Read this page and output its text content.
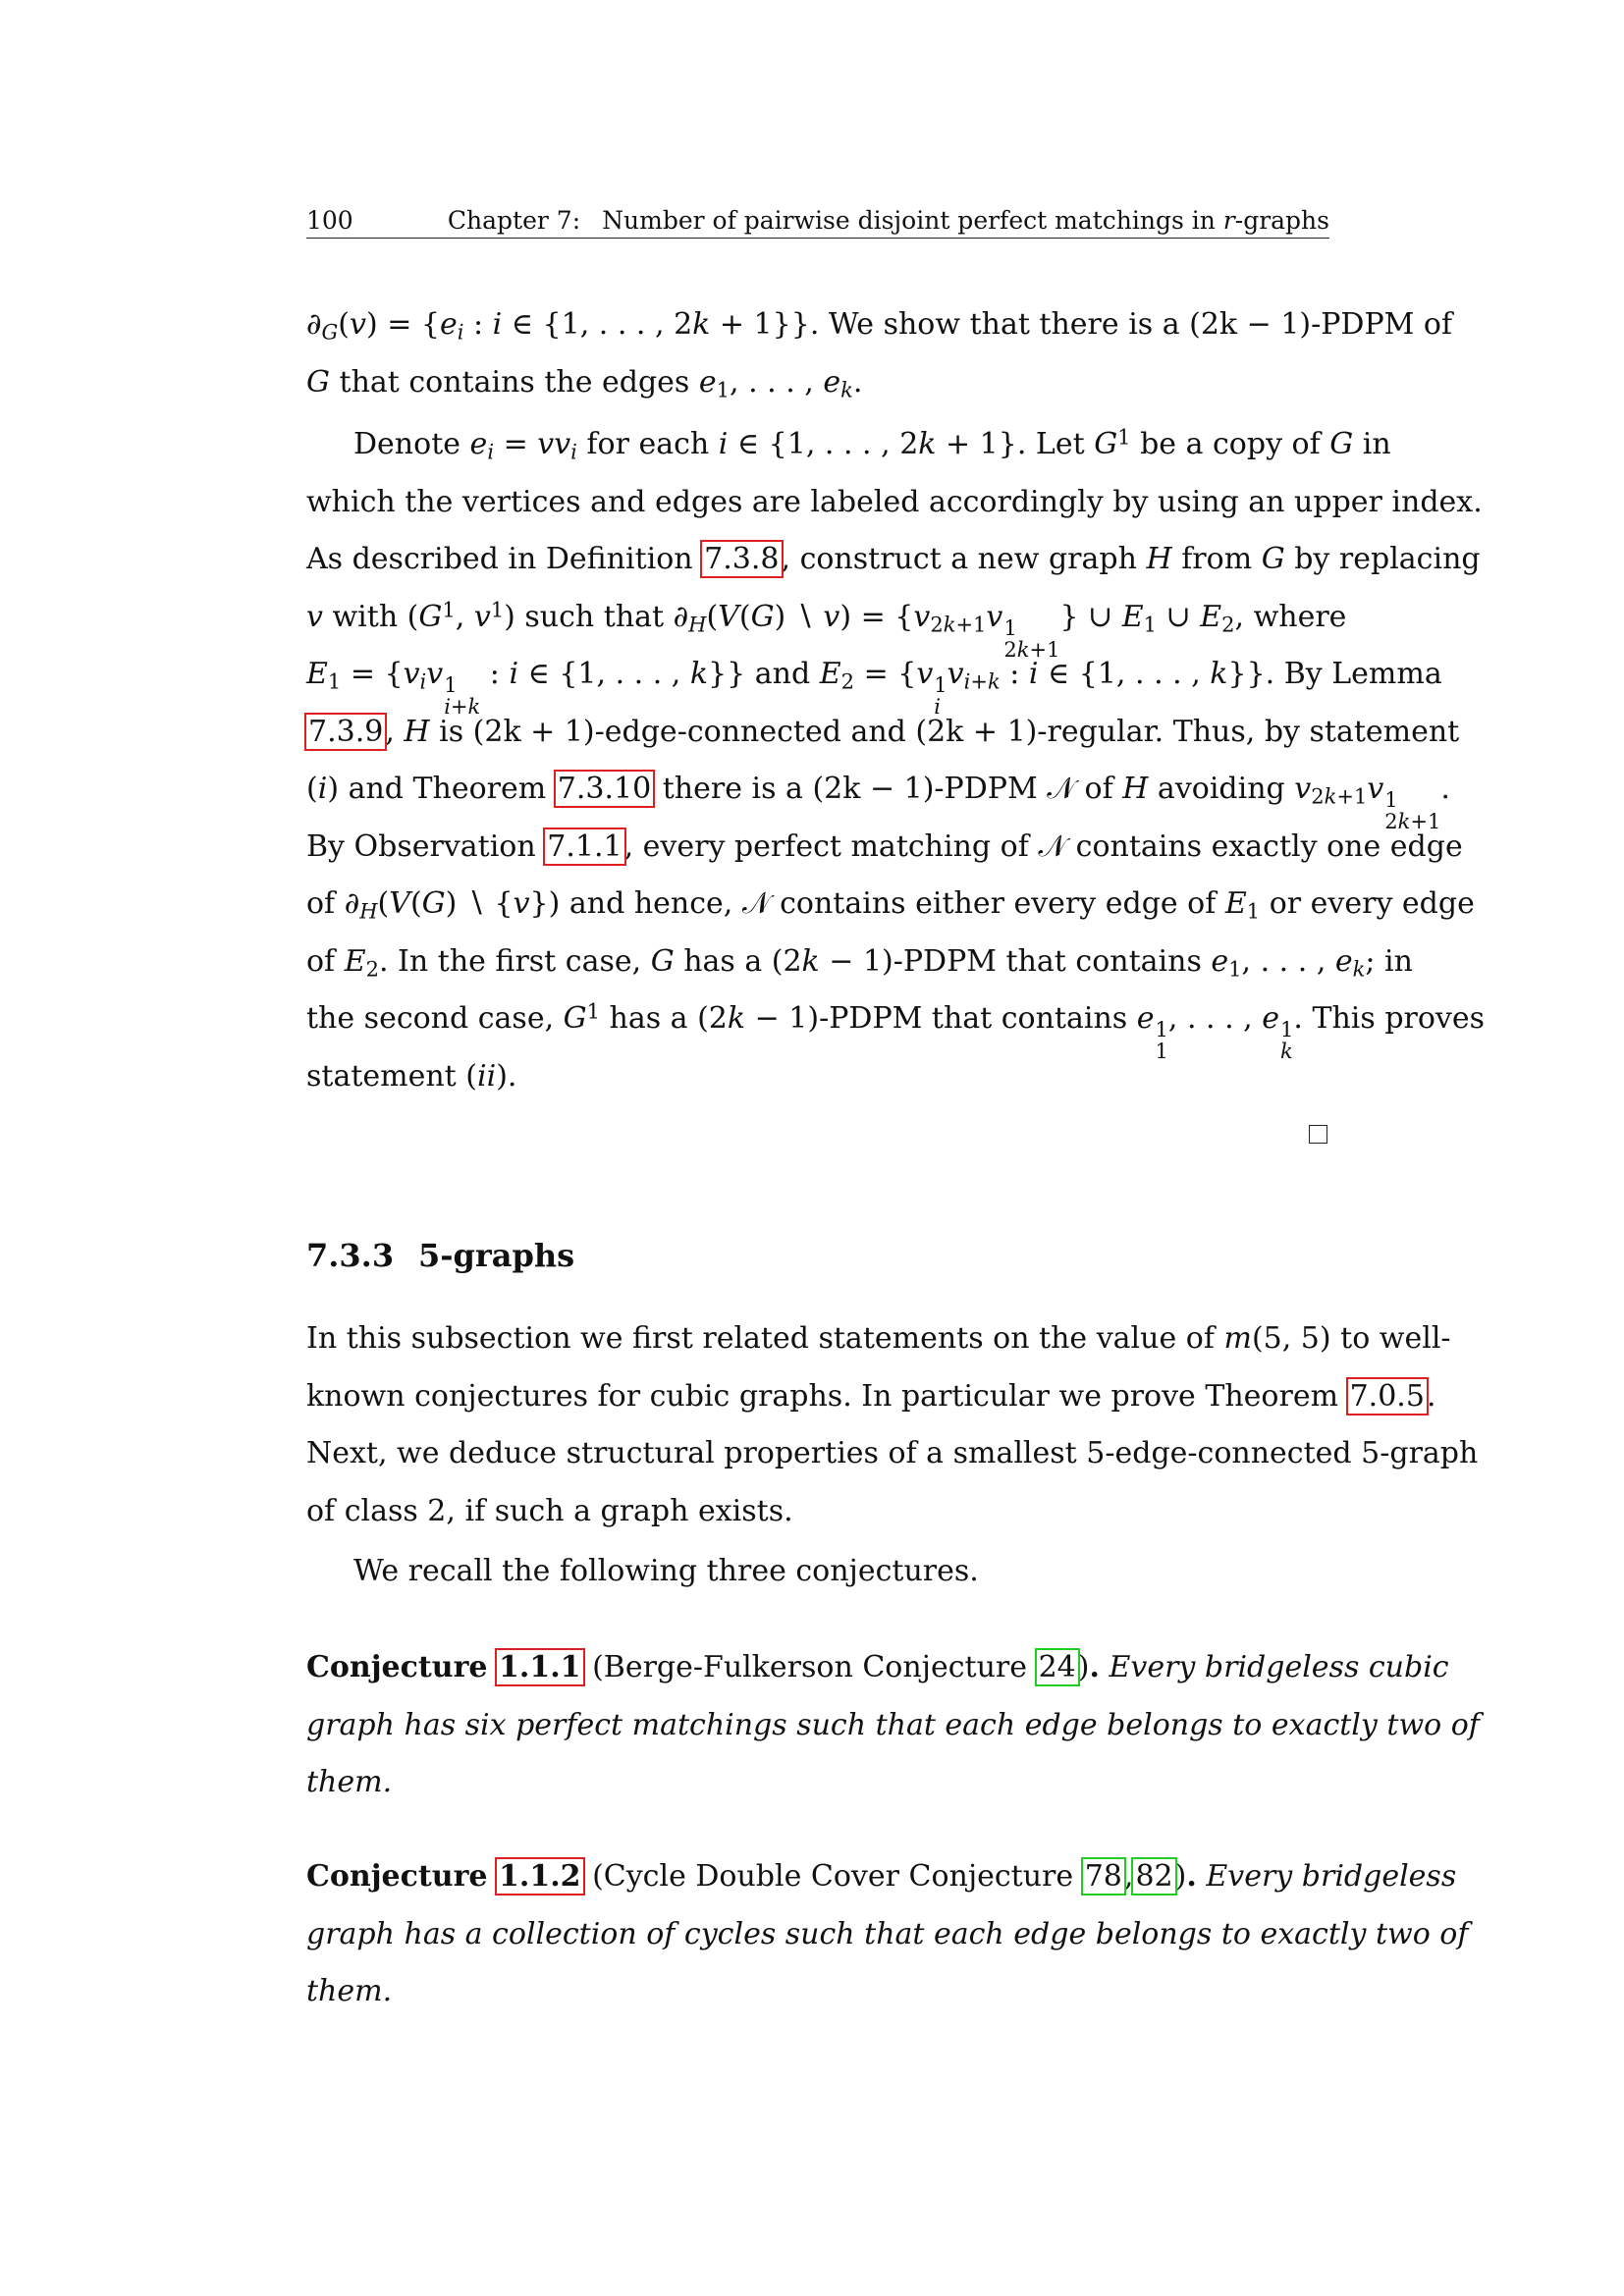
100	Chapter 7: Number of pairwise disjoint perfect matchings in r-graphs
$\partial_G(v) = \{e_i$ : i ∈ {1, . . . , 2k + 1}}. We show that there is a (2k − 1)-PDPM of
G that contains the edges $e_1$, . . . , $e_k$.
Denote $e_i = vv_i$ for each i ∈ {1, . . . , 2k + 1}. Let $G^1$ be a copy of G in
which the vertices and edges are labeled accordingly by using an upper index.
As described in Definition 7.3.8, construct a new graph H from G by replacing
v with ($G^1$, $v^1$) such that $\partial_H(V(G)$ ∖ $v) = \{v_{2k+1}v$ 1
2k+1
} ∪ $E_1$ ∪ $E_2$, where
$E_1 = \{v_iv$ 1
i+k
: i ∈ {1, . . . , k}} and $E_2 = \{v$ 1
i
$v_{i+k}$ : i ∈ {1, . . . , k}}. By Lemma
7.3.9, H is (2k + 1)-edge-connected and (2k + 1)-regular. Thus, by statement
(i) and Theorem 7.3.10 there is a (2k − 1)-PDPM 𝒩 of H avoiding $v_{2k+1}v$ 1
2k+1
.
By Observation 7.1.1, every perfect matching of 𝒩 contains exactly one edge
of $\partial_H(V(G)$ ∖ {v}) and hence, 𝒩 contains either every edge of $E_1$ or every edge
of $E_2$. In the first case, G has a (2k − 1)-PDPM that contains $e_1$, . . . , $e_k$; in
the second case, $G^1$ has a (2k − 1)-PDPM that contains e 1
1
, . . . , e 1
k
. This proves
statement (ii).
7.3.3 5-graphs
In this subsection we first related statements on the value of m(5, 5) to well-
known conjectures for cubic graphs. In particular we prove Theorem 7.0.5.
Next, we deduce structural properties of a smallest 5-edge-connected 5-graph
of class 2, if such a graph exists.
We recall the following three conjectures.
Conjecture 1.1.1 (Berge-Fulkerson Conjecture 24). Every bridgeless cubic
graph has six perfect matchings such that each edge belongs to exactly two of
them.
Conjecture 1.1.2 (Cycle Double Cover Conjecture 78,82). Every bridgeless
graph has a collection of cycles such that each edge belongs to exactly two of
them.
